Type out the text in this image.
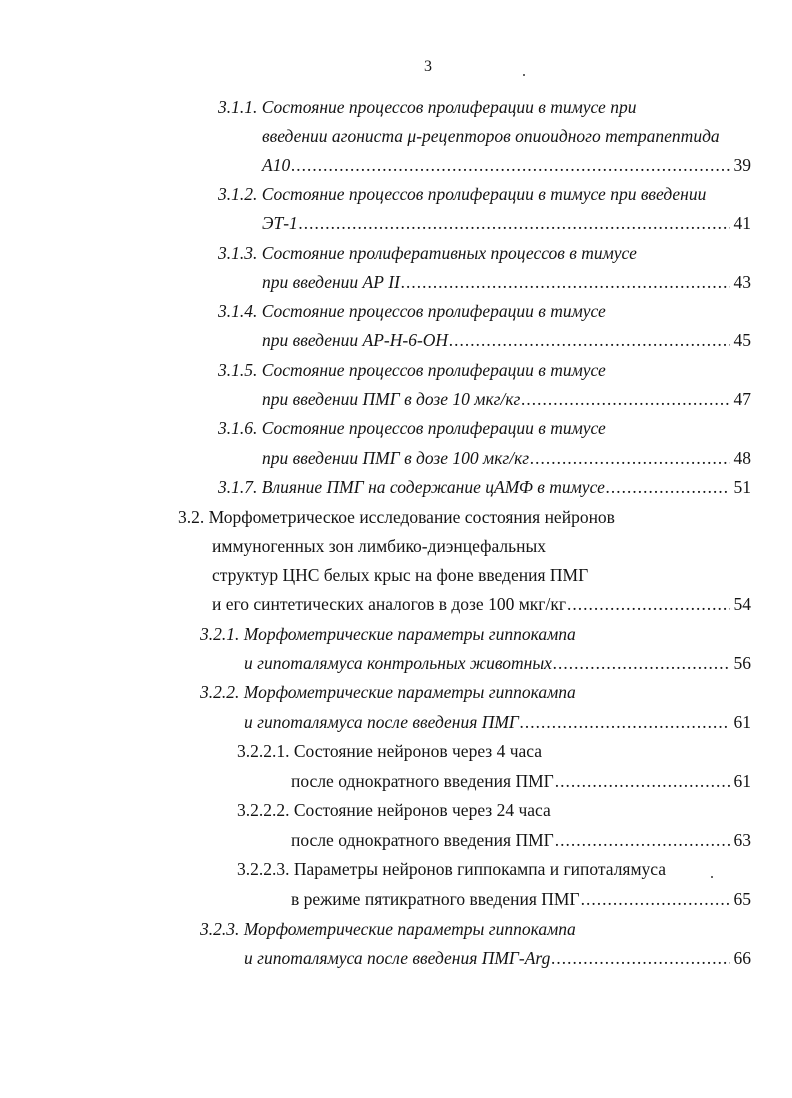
3
3.1.1. Состояние процессов пролиферации в тимусе при
введении агониста μ-рецепторов опиоидного тетрапептида
А10 .....	39
3.1.2. Состояние процессов пролиферации в тимусе при введении
ЭТ-1 .....	41
3.1.3. Состояние пролиферативных процессов в тимусе
при введении АР II .....	43
3.1.4. Состояние процессов пролиферации в тимусе
при введении АР-Н-6-ОН .....	45
3.1.5. Состояние процессов пролиферации в тимусе
при введении ПМГ в дозе 10 мкг/кг .....	47
3.1.6. Состояние процессов пролиферации в тимусе
при введении ПМГ в дозе 100 мкг/кг .....	48
3.1.7. Влияние ПМГ на содержание цАМФ в тимусе .....	51
3.2. Морфометрическое исследование состояния нейронов
иммуногенных зон лимбико-диэнцефальных
структур ЦНС белых крыс на фоне введения ПМГ
и его синтетических аналогов в дозе 100 мкг/кг .....	54
3.2.1. Морфометрические параметры гиппокампа
и гипоталямуса контрольных животных .....	56
3.2.2. Морфометрические параметры гиппокампа
и гипоталямуса после введения ПМГ .....	61
3.2.2.1. Состояние нейронов через 4 часа
после однократного введения ПМГ .....	61
3.2.2.2. Состояние нейронов через 24 часа
после однократного введения ПМГ .....	63
3.2.2.3. Параметры нейронов гиппокампа и гипоталямуса
в режиме пятикратного введения ПМГ .....	65
3.2.3. Морфометрические параметры гиппокампа
и гипоталямуса после введения ПМГ-Arg .....	66
